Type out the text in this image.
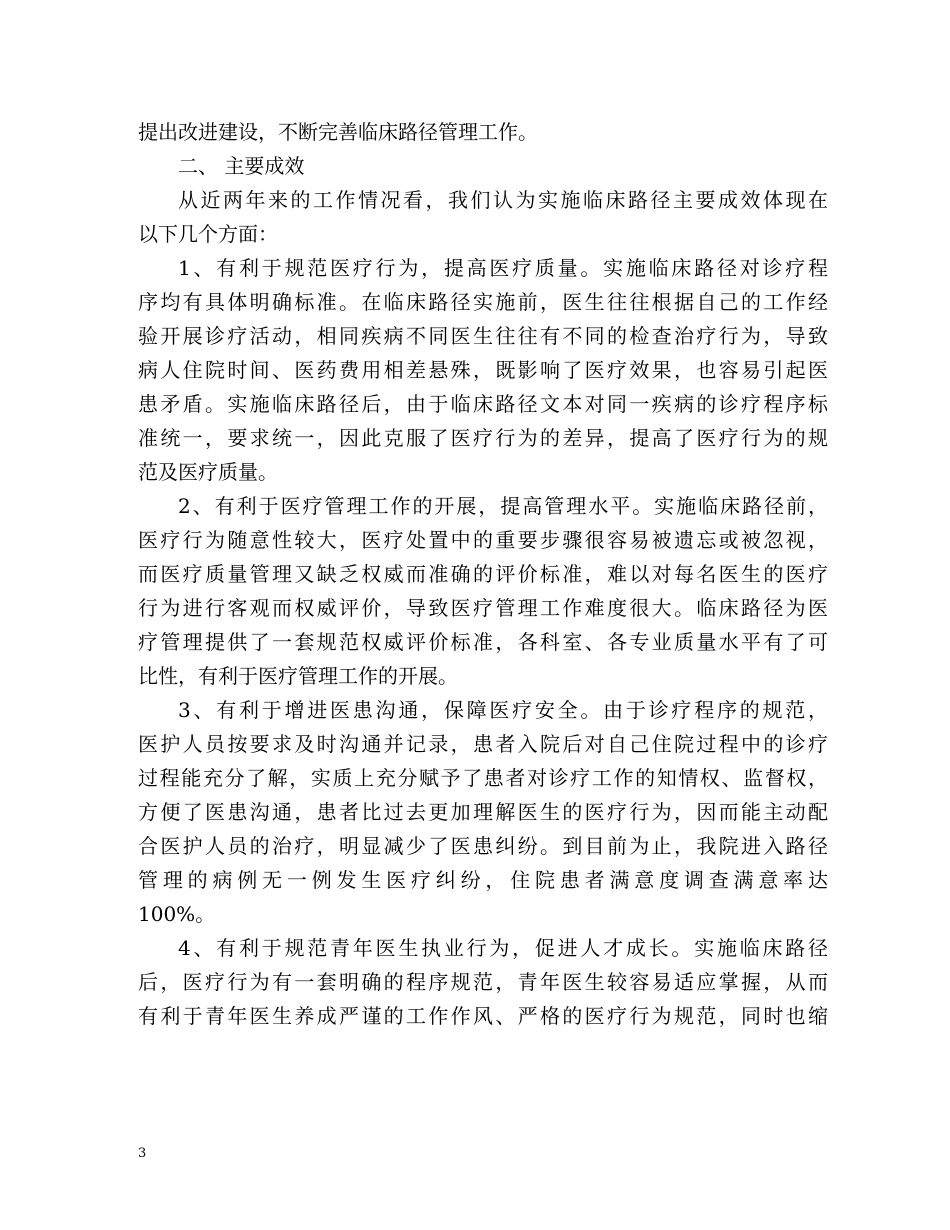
提出改进建设，不断完善临床路径管理工作。
二、 主要成效
从近两年来的工作情况看，我们认为实施临床路径主要成效体现在
以下几个方面：
1、有利于规范医疗行为，提高医疗质量。实施临床路径对诊疗程
序均有具体明确标准。在临床路径实施前，医生往往根据自己的工作经
验开展诊疗活动，相同疾病不同医生往往有不同的检查治疗行为，导致
病人住院时间、医药费用相差悬殊，既影响了医疗效果，也容易引起医
患矛盾。实施临床路径后，由于临床路径文本对同一疾病的诊疗程序标
准统一，要求统一，因此克服了医疗行为的差异，提高了医疗行为的规
范及医疗质量。
2、有利于医疗管理工作的开展，提高管理水平。实施临床路径前，
医疗行为随意性较大，医疗处置中的重要步骤很容易被遗忘或被忽视，
而医疗质量管理又缺乏权威而准确的评价标准，难以对每名医生的医疗
行为进行客观而权威评价，导致医疗管理工作难度很大。临床路径为医
疗管理提供了一套规范权威评价标准，各科室、各专业质量水平有了可
比性，有利于医疗管理工作的开展。
3、有利于增进医患沟通，保障医疗安全。由于诊疗程序的规范，
医护人员按要求及时沟通并记录，患者入院后对自己住院过程中的诊疗
过程能充分了解，实质上充分赋予了患者对诊疗工作的知情权、监督权，
方便了医患沟通，患者比过去更加理解医生的医疗行为，因而能主动配
合医护人员的治疗，明显减少了医患纠纷。到目前为止，我院进入路径
管理的病例无一例发生医疗纠纷，住院患者满意度调查满意率达
100%。
4、有利于规范青年医生执业行为，促进人才成长。实施临床路径
后，医疗行为有一套明确的程序规范，青年医生较容易适应掌握，从而
有利于青年医生养成严谨的工作作风、严格的医疗行为规范，同时也缩
3
